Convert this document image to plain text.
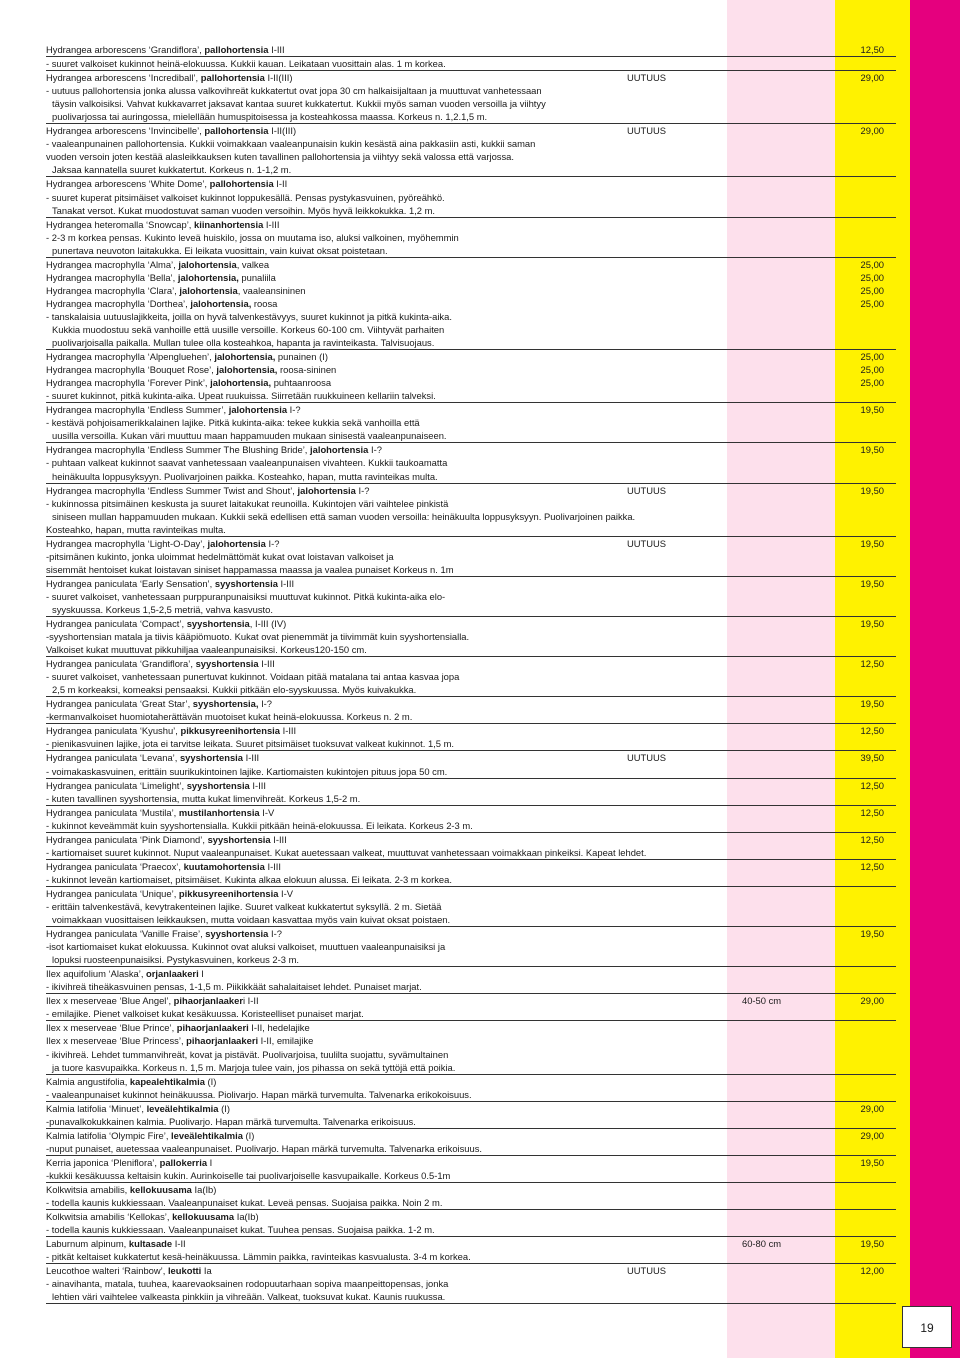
Hydrangea arborescens ‘Grandiflora’, pallohortensia I-III	12,50
- suuret valkoiset kukinnot heinä-elokuussa. Kukkii kauan. Leikataan vuosittain alas. 1 m korkea.
Hydrangea arborescens ‘Incrediball’, pallohortensia I-II(III)	UUTUUS	29,00
- uutuus pallohortensia jonka alussa valkovihreät kukkatertut ovat jopa 30 cm halkaisijaltaan ja muuttuvat vanhetessaan
täysin valkoisiksi. Vahvat kukkavarret jaksavat kantaa suuret kukkatertut. Kukkii myös saman vuoden versoilla ja viihtyy
puolivarjossa tai auringossa, mielellään humuspitoisessa ja kosteahkossa maassa. Korkeus n. 1,2.1,5 m.
Hydrangea arborescens ‘Invincibelle’, pallohortensia I-II(III)	UUTUUS	29,00
- vaaleanpunainen pallohortensia. Kukkii voimakkaan vaaleanpunaisin kukin kesästä aina pakkasiin asti, kukkii saman
vuoden versoin joten kestää alasleikkauksen kuten tavallinen pallohortensia ja viihtyy sekä valossa että varjossa.
Jaksaa kannatella suuret kukkatertut. Korkeus n. 1-1,2 m.
Hydrangea arborescens ‘White Dome’, pallohortensia I-II
- suuret kuperat pitsimäiset valkoiset kukinnot loppukesällä. Pensas pystykasvuinen, pyöreähkö.
Tanakat versot. Kukat muodostuvat saman vuoden versoihin. Myös hyvä leikkokukka. 1,2 m.
Hydrangea heteromalla ‘Snowcap’, kiinanhortensia I-III
- 2-3 m korkea pensas. Kukinto leveä huiskilo, jossa on muutama iso, aluksi valkoinen, myöhemmin
punertava neuvoton laitakukka. Ei leikata vuosittain, vain kuivat oksat poistetaan.
Hydrangea macrophylla ‘Alma’, jalohortensia, valkea	25,00
Hydrangea macrophylla ‘Bella’, jalohortensia, punaliila	25,00
Hydrangea macrophylla ‘Clara’, jalohortensia, vaaleansininen	25,00
Hydrangea macrophylla ‘Dorthea’, jalohortensia, roosa	25,00
- tanskalaisia uutuuslajikkeita, joilla on hyvä talvenkestävyys, suuret kukinnot ja pitkä kukinta-aika.
Kukkia muodostuu sekä vanhoille että uusille versoille. Korkeus 60-100 cm. Viihtyvät parhaiten
puolivarjoisalla paikalla. Mullan tulee olla kosteahkoa, hapanta ja ravinteikasta. Talvisuojaus.
Hydrangea macrophylla ‘Alpengluehen’, jalohortensia, punainen (I)	25,00
Hydrangea macrophylla ‘Bouquet Rose’, jalohortensia, roosa-sininen	25,00
Hydrangea macrophylla ‘Forever Pink’, jalohortensia, puhtaanroosa	25,00
- suuret kukinnot, pitkä kukinta-aika. Upeat ruukuissa. Siirretään ruukkuineen kellariin talveksi.
Hydrangea macrophylla ‘Endless Summer’, jalohortensia I-?	19,50
- kestävä pohjoisamerikkalainen lajike. Pitkä kukinta-aika: tekee kukkia sekä vanhoilla että
uusilla versoilla. Kukan väri muuttuu maan happamuuden mukaan sinisestä vaaleanpunaiseen.
Hydrangea macrophylla ‘Endless Summer The Blushing Bride’, jalohortensia I-?	19,50
- puhtaan valkeat kukinnot saavat vanhetessaan vaaleanpunaisen vivahteen. Kukkii taukoamatta
heinäkuulta loppusyksyyn. Puolivarjoinen paikka. Kosteahko, hapan, mutta ravinteikas multa.
Hydrangea macrophylla ‘Endless Summer Twist and Shout’, jalohortensia I-?	UUTUUS	19,50
- kukinnossa pitsimäinen keskusta ja suuret laitakukat reunoilla. Kukintojen väri vaihtelee pinkistä
siniseen mullan happamuuden mukaan. Kukkii sekä edellisen että saman vuoden versoilla: heinäkuulta loppusyksyyn. Puolivarjoinen paikka.
Kosteahko, hapan, mutta ravinteikas multa.
Hydrangea macrophylla ‘Light-O-Day’, jalohortensia I-?	UUTUUS	19,50
-pitsimänen kukinto, jonka uloimmat hedelmättömät kukat ovat loistavan valkoiset ja
sisemmät hentoiset kukat loistavan siniset happamassa maassa ja vaalea punaiset Korkeus n. 1m
Hydrangea paniculata ‘Early Sensation’, syyshortensia I-III	19,50
- suuret valkoiset, vanhetessaan purppuranpunaisiksi muuttuvat kukinnot. Pitkä kukinta-aika elo-
syyskuussa. Korkeus 1,5-2,5 metriä, vahva kasvusto.
Hydrangea paniculata ‘Compact’, syyshortensia, I-III (IV)	19,50
-syyshortensian matala ja tiivis kääpiömuoto. Kukat ovat pienemmät ja tiivimmät kuin syyshortensialla.
Valkoiset kukat muuttuvat pikkuhiljaa vaaleanpunaisiksi. Korkeus120-150 cm.
Hydrangea paniculata ‘Grandiflora’, syyshortensia I-III	12,50
- suuret valkoiset, vanhetessaan punertuvat kukinnot. Voidaan pitää matalana tai antaa kasvaa jopa
2,5 m korkeaksi, komeaksi pensaaksi. Kukkii pitkään elo-syyskuussa. Myös kuivakukka.
Hydrangea paniculata ‘Great Star’, syyshortensia, I-?	19,50
-kermanvalkoiset huomiotaherättävän muotoiset kukat heinä-elokuussa. Korkeus n. 2 m.
Hydrangea paniculata ‘Kyushu’, pikkusyreenihortensia I-III	12,50
- pienikasvuinen lajike, jota ei tarvitse leikata. Suuret pitsimäiset tuoksuvat valkeat kukinnot. 1,5 m.
Hydrangea paniculata ‘Levana’, syyshortensia I-III	UUTUUS	39,50
- voimakaskasvuinen, erittäin suurikukintoinen lajike. Kartiomaisten kukintojen pituus jopa 50 cm.
Hydrangea paniculata ‘Limelight’, syyshortensia I-III	12,50
- kuten tavallinen syyshortensia, mutta kukat limenvihreät. Korkeus 1,5-2 m.
Hydrangea paniculata ‘Mustila’, mustilanhortensia I-V	12,50
- kukinnot keveämmät kuin syyshortensialla. Kukkii pitkään heinä-elokuussa. Ei leikata. Korkeus 2-3 m.
Hydrangea paniculata ‘Pink Diamond’, syyshortensia I-III	12,50
- kartiomaiset suuret kukinnot. Nuput vaaleanpunaiset. Kukat auetessaan valkeat, muuttuvat vanhetessaan voimakkaan pinkeiksi. Kapeat lehdet.
Hydrangea paniculata ‘Praecox’, kuutamohortensia I-III	12,50
- kukinnot leveän kartiomaiset, pitsimäiset. Kukinta alkaa elokuun alussa. Ei leikata. 2-3 m korkea.
Hydrangea paniculata ‘Unique’, pikkusyreenihortensia I-V
- erittäin talvenkestävä, kevytrakenteinen lajike. Suuret valkeat kukkatertut syksyllä. 2 m. Sietää
voimakkaan vuosittaisen leikkauksen, mutta voidaan kasvattaa myös vain kuivat oksat poistaen.
Hydrangea paniculata ‘Vanille Fraise’, syyshortensia I-?	19,50
-isot kartiomaiset kukat elokuussa. Kukinnot ovat aluksi valkoiset, muuttuen vaaleanpunaisiksi ja
lopuksi ruosteenpunaisiksi. Pystykasvuinen, korkeus 2-3 m.
Ilex aquifolium ‘Alaska’, orjanlaakeri I
- ikivihreä tiheäkasvuinen pensas, 1-1,5 m. Piikikkäät sahalaitaiset lehdet. Punaiset marjat.
Ilex x meserveae ‘Blue Angel’, pihaorjanlaakeri I-II	40-50 cm	29,00
- emilajike. Pienet valkoiset kukat kesäkuussa. Koristeelliset punaiset marjat.
Ilex x meserveae ‘Blue Prince’, pihaorjanlaakeri I-II, hedelajike
Ilex x meserveae ‘Blue Princess’, pihaorjanlaakeri I-II, emilajike
- ikivihreä. Lehdet tummanvihreät, kovat ja pistävät. Puolivarjoisa, tuulilta suojattu, syvämultainen
ja tuore kasvupaikka. Korkeus n. 1,5 m. Marjoja tulee vain, jos pihassa on sekä tyttöjä että poikia.
Kalmia angustifolia, kapealehtikalmia (I)
- vaaleanpunaiset kukinnot heinäkuussa. Piolivarjo. Hapan märkä turvemulta. Talvenarka erikokoisuus.
Kalmia latifolia ‘Minuet’, leveälehtikalmia (I)	29,00
-punavalkokukkainen kalmia. Puolivarjo. Hapan märkä turvemulta. Talvenarka erikoisuus.
Kalmia latifolia ‘Olympic Fire’, leveälehtikalmia (I)	29,00
-nuput punaiset, auetessaa vaaleanpunaiset. Puolivarjo. Hapan märkä turvemulta. Talvenarka erikoisuus.
Kerria japonica ‘Pleniflora’, pallokerria I	19,50
-kukkii kesäkuussa keltaisin kukin. Aurinkoiselle tai puolivarjoiselle kasvupaikalle. Korkeus 0.5-1m
Kolkwitsia amabilis, kellokuusama Ia(Ib)
- todella kaunis kukkiessaan. Vaaleanpunaiset kukat. Leveä pensas. Suojaisa paikka. Noin 2 m.
Kolkwitsia amabilis ‘Kellokas’, kellokuusama Ia(Ib)
- todella kaunis kukkiessaan. Vaaleanpunaiset kukat. Tuuhea pensas. Suojaisa paikka. 1-2 m.
Laburnum alpinum, kultasade I-II	60-80 cm	19,50
- pitkät keltaiset kukkatertut kesä-heinäkuussa. Lämmin paikka, ravinteikas kasvualusta. 3-4 m korkea.
Leucothoe walteri ‘Rainbow’, leukotti Ia	UUTUUS	12,00
- ainavihanta, matala, tuuhea, kaarevaoksainen rodopuutarhaan sopiva maanpeittopensas, jonka
lehtien väri vaihtelee valkeasta pinkkiin ja vihreään. Valkeat, tuoksuvat kukat. Kaunis ruukussa.
19
